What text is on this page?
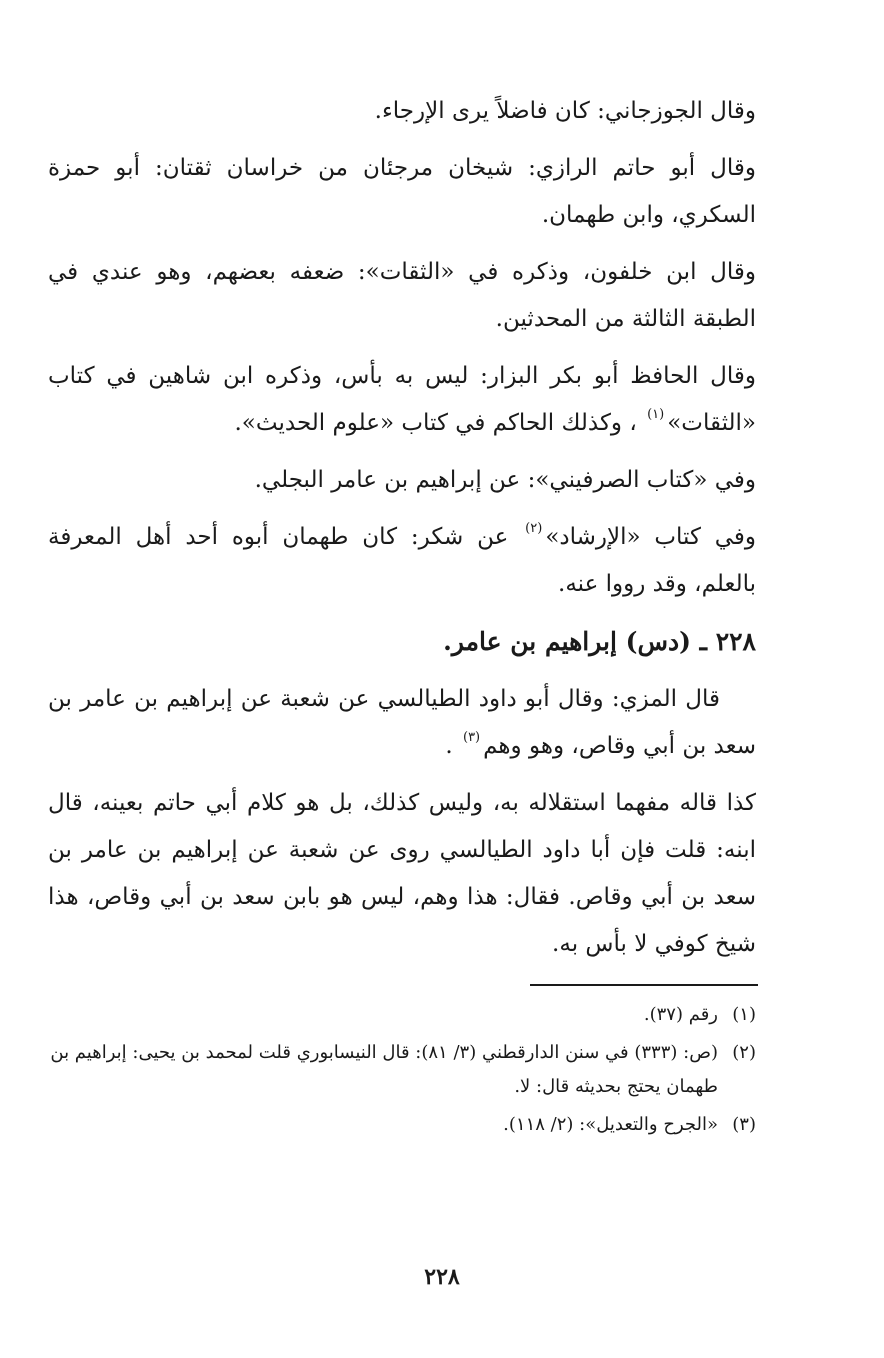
وقال الجوزجاني: كان فاضلاً يرى الإرجاء.

وقال أبو حاتم الرازي: شيخان مرجئان من خراسان ثقتان: أبو حمزة السكري، وابن طهمان.

وقال ابن خلفون، وذكره في «الثقات»: ضعفه بعضهم، وهو عندي في الطبقة الثالثة من المحدثين.

وقال الحافظ أبو بكر البزار: ليس به بأس، وذكره ابن شاهين في كتاب «الثقات»$^{(١)}$ ، وكذلك الحاكم في كتاب «علوم الحديث».

وفي «كتاب الصرفيني»: عن إبراهيم بن عامر البجلي.

وفي كتاب «الإرشاد»$^{(٢)}$ عن شكر: كان طهمان أبوه أحد أهل المعرفة بالعلم، وقد رووا عنه.

٢٢٨ ـ (دس) إبراهيم بن عامر.

قال المزي: وقال أبو داود الطيالسي عن شعبة عن إبراهيم بن عامر بن سعد بن أبي وقاص، وهو وهم$^{(٣)}$ .

كذا قاله مفهما استقلاله به، وليس كذلك، بل هو كلام أبي حاتم بعينه، قال ابنه: قلت فإن أبا داود الطيالسي روى عن شعبة عن إبراهيم بن عامر بن سعد بن أبي وقاص. فقال: هذا وهم، ليس هو بابن سعد بن أبي وقاص، هذا شيخ كوفي لا بأس به.

(١)رقم (٣٧).

(٢)(ص: (٣٣٣) في سنن الدارقطني (٣/ ٨١): قال النيسابوري قلت لمحمد بن يحيى: إبراهيم بن طهمان يحتج بحديثه قال: لا.

(٣)«الجرح والتعديل»: (٢/ ١١٨).

٢٢٨
